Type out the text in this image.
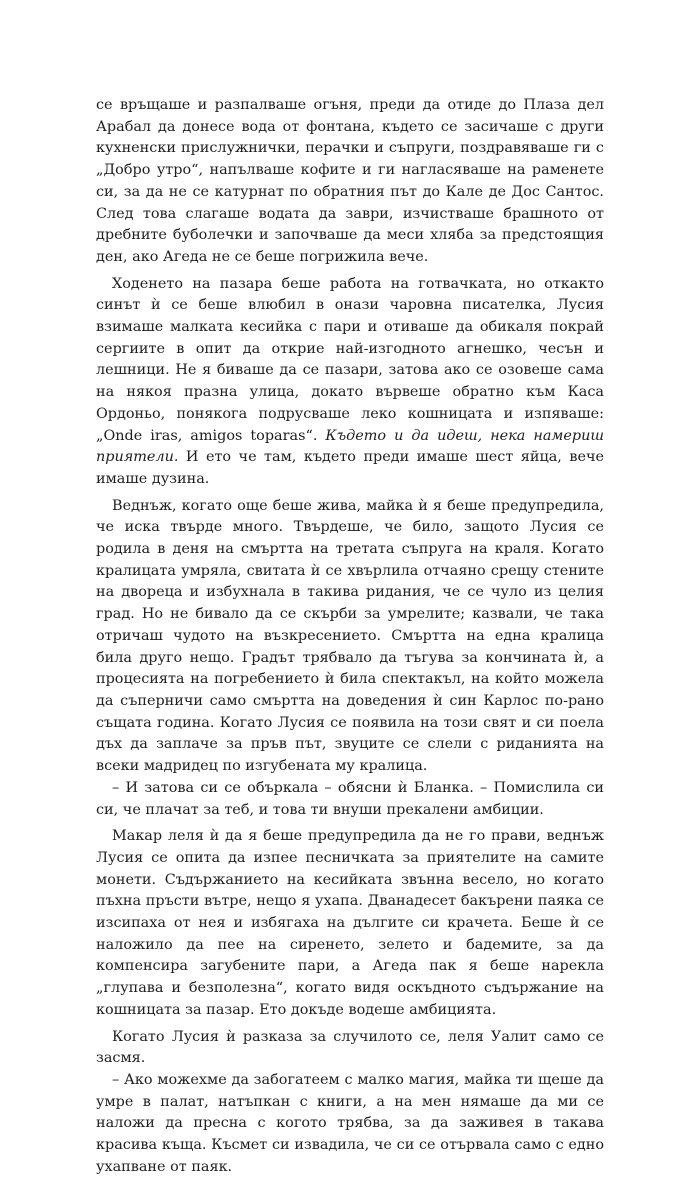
се връщаше и разпалваше огъня, преди да отиде до Плаза дел Арабал да донесе вода от фонтана, където се засичаше с други кухненски прислужнички, перачки и съпруги, поздравяваше ги с „Добро утро“, напълваше кофите и ги нагласяваше на раменете си, за да не се катурнат по обратния път до Кале де Дос Сантос. След това слагаше водата да заври, изчистваше брашното от дребните буболечки и започваше да меси хляба за предстоящия ден, ако Агеда не се беше погрижила вече.

Ходенето на пазара беше работа на готвачката, но откакто синът ѝ се беше влюбил в онази чаровна писателка, Лусия взимаше малката кесийка с пари и отиваше да обикаля покрай сергиите в опит да открие най-изгодното агнешко, чесън и лешници. Не я биваше да се пазари, затова ако се озовеше сама на някоя празна улица, докато вървеше обратно към Каса Ордоньо, понякога подрусваше леко кошницата и изпяваше: „Onde iras, amigos toparas“. Където и да идеш, нека намериш приятели. И ето че там, където преди имаше шест яйца, вече имаше дузина.

Веднъж, когато още беше жива, майка ѝ я беше предупредила, че иска твърде много. Твърдеше, че било, защото Лусия се родила в деня на смъртта на третата съпруга на краля. Когато кралицата умряла, свитата ѝ се хвърлила отчаяно срещу стените на двореца и избухнала в такива ридания, че се чуло из целия град. Но не бивало да се скърби за умрелите; казвали, че така отричаш чудото на възкресението. Смъртта на една кралица била друго нещо. Градът трябвало да тъгува за кончината ѝ, а процесията на погребението ѝ била спектакъл, на който можела да съперничи само смъртта на доведения ѝ син Карлос по-рано същата година. Когато Лусия се появила на този свят и си поела дъх да заплаче за пръв път, звуците се слели с риданията на всеки мадридец по изгубената му кралица.

– И затова си се объркала – обясни ѝ Бланка. – Помислила си си, че плачат за теб, и това ти внуши прекалени амбиции.

Макар леля ѝ да я беше предупредила да не го прави, веднъж Лусия се опита да изпее песничката за приятелите на самите монети. Съдържанието на кесийката звънна весело, но когато пъхна пръсти вътре, нещо я ухапа. Дванадесет бакърени паяка се изсипаха от нея и избягаха на дългите си крачета. Беше ѝ се наложило да пее на сиренето, зелето и бадемите, за да компенсира загубените пари, а Агеда пак я беше нарекла „глупава и безполезна“, когато видя оскъдното съдържание на кошницата за пазар. Ето докъде водеше амбицията.

Когато Лусия ѝ разказа за случилото се, леля Уалит само се засмя.

– Ако можехме да забогатеем с малко магия, майка ти щеше да умре в палат, натъпкан с книги, а на мен нямаше да ми се наложи да пресна с когото трябва, за да заживея в такава красива къща. Късмет си извадила, че си се отървала само с едно ухапване от паяк.
